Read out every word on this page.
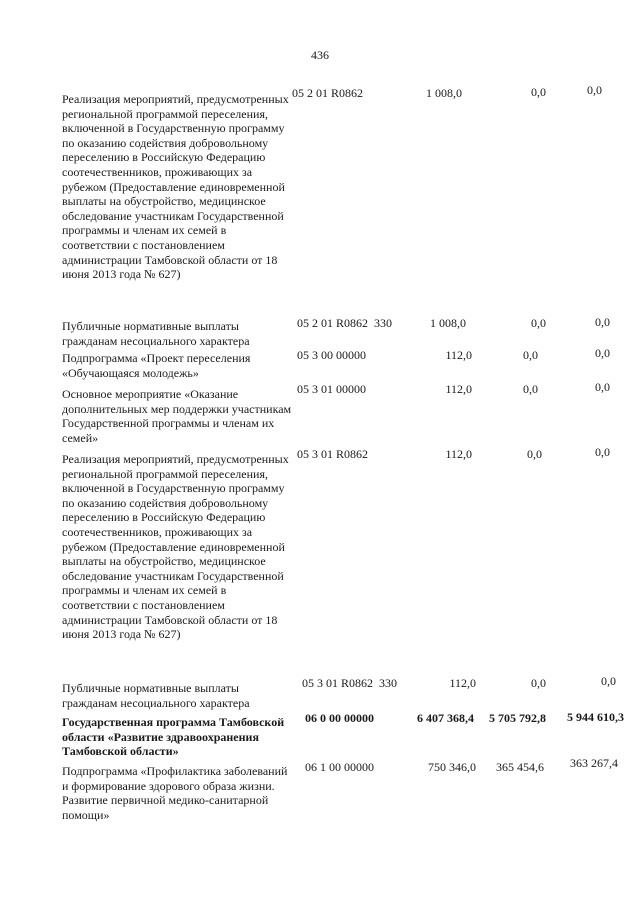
436
Реализация мероприятий, предусмотренных региональной программой переселения, включенной в Государственную программу по оказанию содействия добровольному переселению в Российскую Федерацию соотечественников, проживающих за рубежом (Предоставление единовременной выплаты на обустройство, медицинское обследование участникам Государственной программы и членам их семей в соответствии с постановлением администрации Тамбовской области от 18 июня 2013 года № 627)
05 2 01 R0862	1 008,0	0,0	0,0
Публичные нормативные выплаты гражданам несоциального характера
05 2 01 R0862  330	1 008,0	0,0	0,0
Подпрограмма «Проект переселения «Обучающаяся молодежь»
05 3 00 00000	112,0	0,0	0,0
Основное мероприятие «Оказание дополнительных мер поддержки участникам Государственной программы и членам их семей»
05 3 01 00000	112,0	0,0	0,0
Реализация мероприятий, предусмотренных региональной программой переселения, включенной в Государственную программу по оказанию содействия добровольному переселению в Российскую Федерацию соотечественников, проживающих за рубежом (Предоставление единовременной выплаты на обустройство, медицинское обследование участникам Государственной программы и членам их семей в соответствии с постановлением администрации Тамбовской области от 18 июня 2013 года № 627)
05 3 01 R0862	112,0	0,0	0,0
Публичные нормативные выплаты гражданам несоциального характера
05 3 01 R0862  330	112,0	0,0	0,0
Государственная программа Тамбовской области «Развитие здравоохранения Тамбовской области»
06 0 00 00000	6 407 368,4	5 705 792,8	5 944 610,3
Подпрограмма «Профилактика заболеваний и формирование здорового образа жизни. Развитие первичной медико-санитарной помощи»
06 1 00 00000	750 346,0	365 454,6	363 267,4
